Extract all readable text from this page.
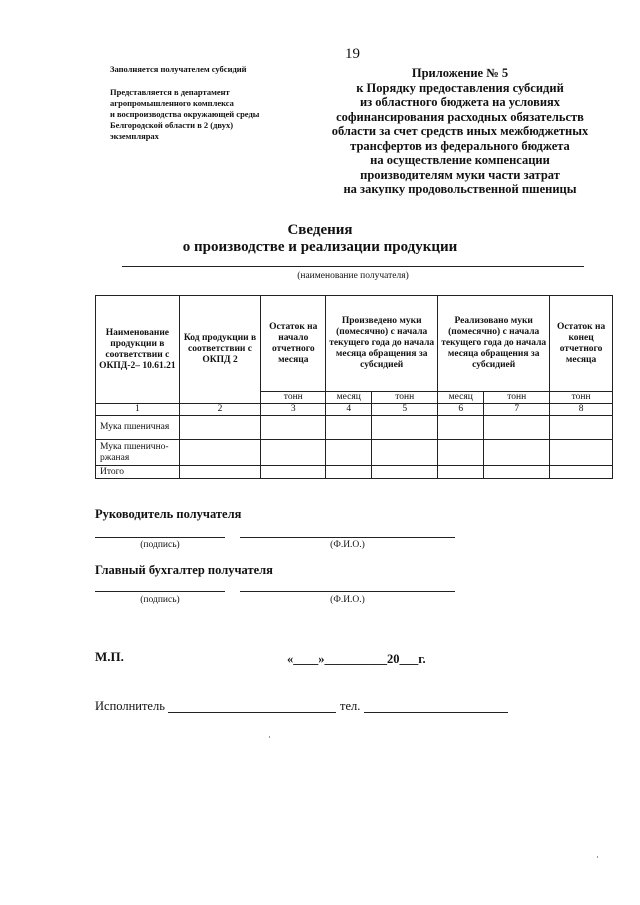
19
Заполняется получателем субсидий
Представляется в департамент
агропромышленного комплекса
и воспроизводства окружающей среды
Белгородской области в 2 (двух)
экземплярах
Приложение № 5
к Порядку предоставления субсидий
из областного бюджета на условиях
софинансирования расходных обязательств
области за счет средств иных межбюджетных
трансфертов из федерального бюджета
на осуществление компенсации
производителям муки части затрат
на закупку продовольственной пшеницы
Сведения
о производстве и реализации продукции
(наименование получателя)
Наименование продукции в соответствии с ОКПД-2– 10.61.21	Код продукции в соответствии с ОКПД 2	Остаток на начало отчетного месяца	Произведено муки (помесячно) с начала текущего года до начала месяца обращения за субсидией		Реализовано муки (помесячно) с начала текущего года до начала месяца обращения за субсидией		Остаток на конец отчетного месяца
		тонн	месяц	тонн	месяц	тонн	тонн
1	2	3	4	5	6	7	8
Мука пшеничная							
Мука пшенично-ржаная							
Итого							
Руководитель получателя
(подпись)	(Ф.И.О.)
Главный бухгалтер получателя
(подпись)	(Ф.И.О.)
М.П.	«____»__________20___г.
Исполнитель	тел.
